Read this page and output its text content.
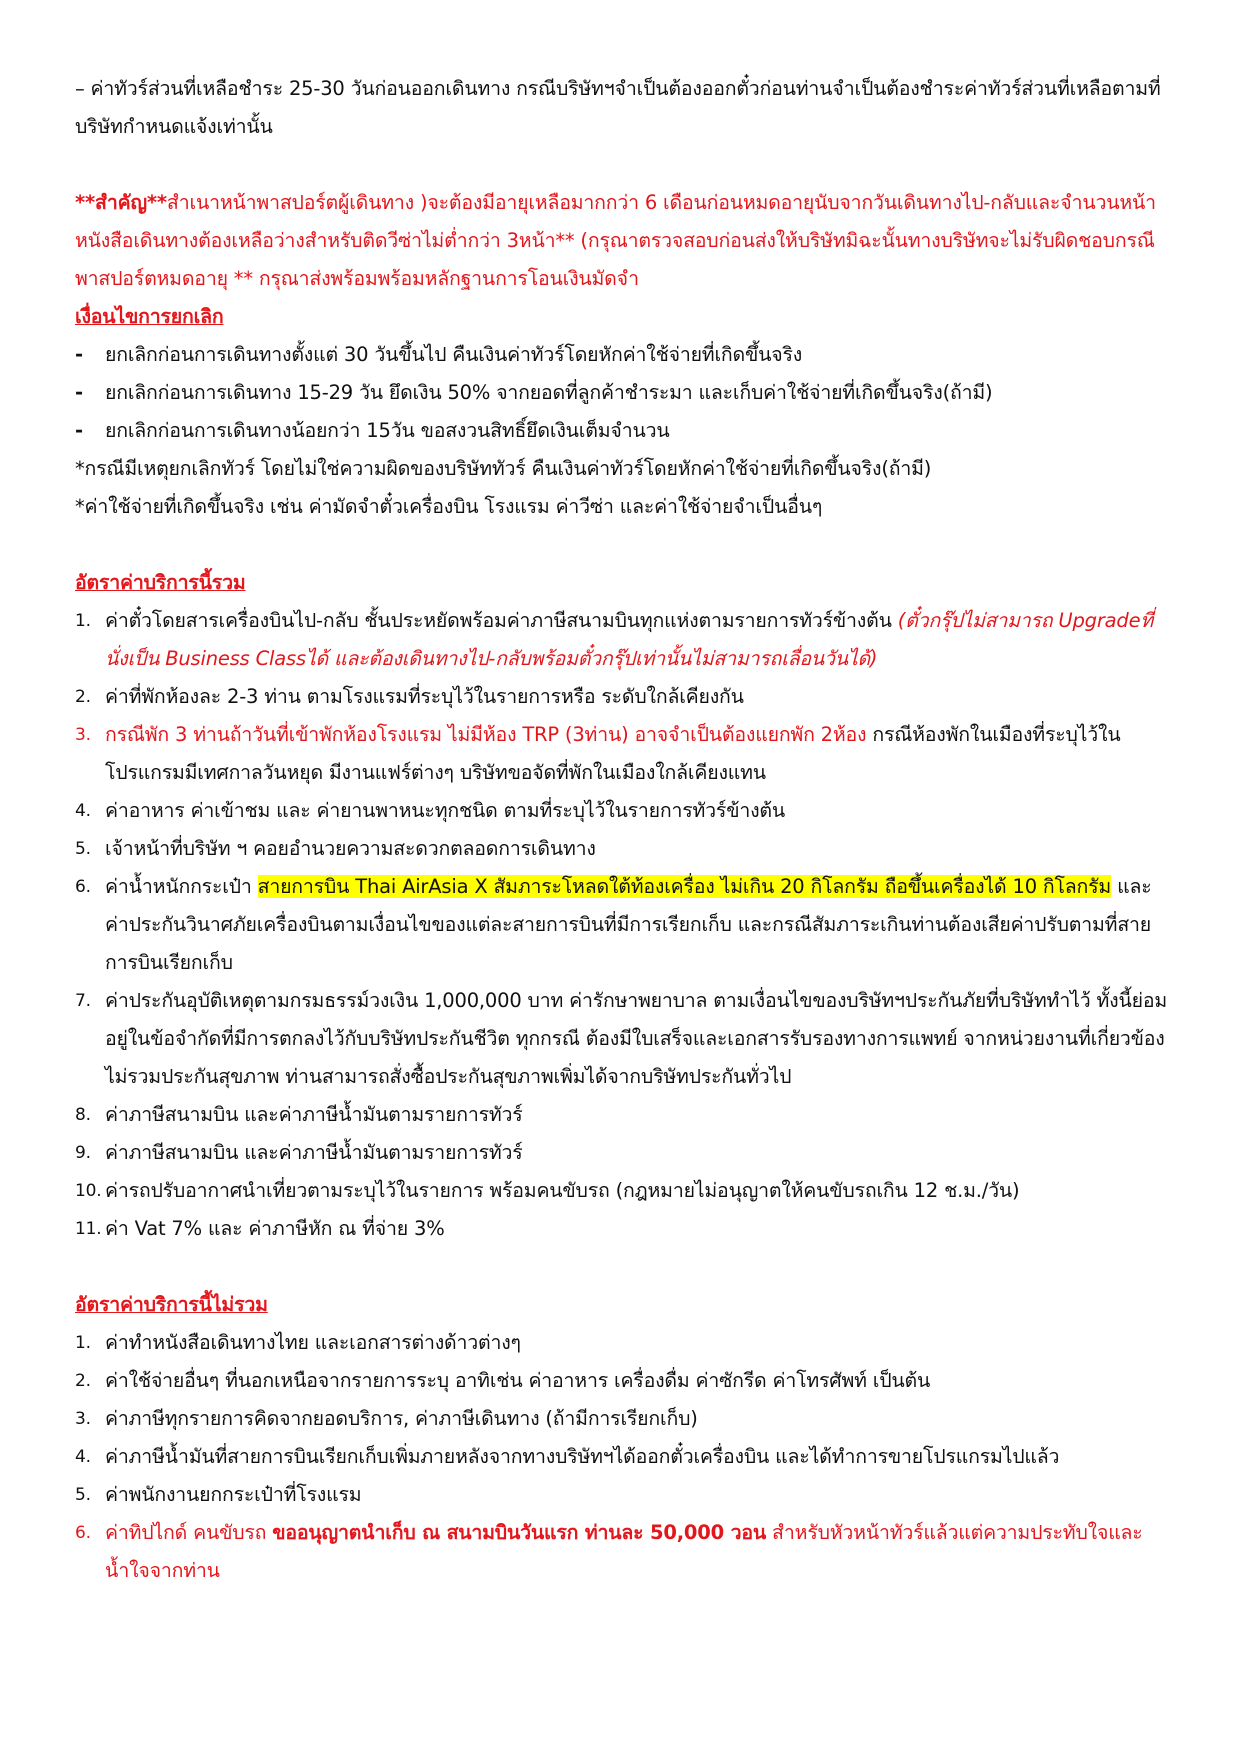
– ค่าทัวร์ส่วนที่เหลือชำระ 25-30 วันก่อนออกเดินทาง กรณีบริษัทฯจำเป็นต้องออกตั๋วก่อนท่านจำเป็นต้องชำระค่าทัวร์ส่วนที่เหลือตามที่บริษัทกำหนดแจ้งเท่านั้น

**สำคัญ**สำเนาหน้าพาสปอร์ตผู้เดินทาง )จะต้องมีอายุเหลือมากกว่า 6 เดือนก่อนหมดอายุนับจากวันเดินทางไป-กลับและจำนวนหน้าหนังสือเดินทางต้องเหลือว่างสำหรับติดวีซ่าไม่ต่ำกว่า 3หน้า** (กรุณาตรวจสอบก่อนส่งให้บริษัทมิฉะนั้นทางบริษัทจะไม่รับผิดชอบกรณีพาสปอร์ตหมดอายุ ** กรุณาส่งพร้อมพร้อมหลักฐานการโอนเงินมัดจำ

เงื่อนไขการยกเลิก

- ยกเลิกก่อนการเดินทางตั้งแต่ 30 วันขึ้นไป คืนเงินค่าทัวร์โดยหักค่าใช้จ่ายที่เกิดขึ้นจริง
- ยกเลิกก่อนการเดินทาง 15-29 วัน ยึดเงิน 50% จากยอดที่ลูกค้าชำระมา และเก็บค่าใช้จ่ายที่เกิดขึ้นจริง(ถ้ามี)
- ยกเลิกก่อนการเดินทางน้อยกว่า 15วัน ขอสงวนสิทธิ์ยึดเงินเต็มจำนวน

*กรณีมีเหตุยกเลิกทัวร์ โดยไม่ใช่ความผิดของบริษัททัวร์ คืนเงินค่าทัวร์โดยหักค่าใช้จ่ายที่เกิดขึ้นจริง(ถ้ามี)

*ค่าใช้จ่ายที่เกิดขึ้นจริง เช่น ค่ามัดจำตั๋วเครื่องบิน โรงแรม ค่าวีซ่า และค่าใช้จ่ายจำเป็นอื่นๆ

อัตราค่าบริการนี้รวม

1. ค่าตั๋วโดยสารเครื่องบินไป-กลับ ชั้นประหยัดพร้อมค่าภาษีสนามบินทุกแห่งตามรายการทัวร์ข้างต้น (ตั๋วกรุ๊ปไม่สามารถ Upgradeที่นั่งเป็น Business Classได้ และต้องเดินทางไป-กลับพร้อมตั๋วกรุ๊ปเท่านั้นไม่สามารถเลื่อนวันได้)
2. ค่าที่พักห้องละ 2-3 ท่าน ตามโรงแรมที่ระบุไว้ในรายการหรือ ระดับใกล้เคียงกัน
3. กรณีพัก 3 ท่านถ้าวันที่เข้าพักห้องโรงแรม ไม่มีห้อง TRP (3ท่าน) อาจจำเป็นต้องแยกพัก 2ห้อง กรณีห้องพักในเมืองที่ระบุไว้ในโปรแกรมมีเทศกาลวันหยุด มีงานแฟร์ต่างๆ บริษัทขอจัดที่พักในเมืองใกล้เคียงแทน
4. ค่าอาหาร ค่าเข้าชม และ ค่ายานพาหนะทุกชนิด ตามที่ระบุไว้ในรายการทัวร์ข้างต้น
5. เจ้าหน้าที่บริษัท ฯ คอยอำนวยความสะดวกตลอดการเดินทาง
6. ค่าน้ำหนักกระเป๋า สายการบิน Thai AirAsia X สัมภาระโหลดใต้ท้องเครื่อง ไม่เกิน 20 กิโลกรัม ถือขึ้นเครื่องได้ 10 กิโลกรัม และค่าประกันวินาศภัยเครื่องบินตามเงื่อนไขของแต่ละสายการบินที่มีการเรียกเก็บ และกรณีสัมภาระเกินท่านต้องเสียค่าปรับตามที่สายการบินเรียกเก็บ
7. ค่าประกันอุบัติเหตุตามกรมธรรม์วงเงิน 1,000,000 บาท ค่ารักษาพยาบาล ตามเงื่อนไขของบริษัทฯประกันภัยที่บริษัททำไว้ ทั้งนี้ย่อมอยู่ในข้อจำกัดที่มีการตกลงไว้กับบริษัทประกันชีวิต ทุกกรณี ต้องมีใบเสร็จและเอกสารรับรองทางการแพทย์ จากหน่วยงานที่เกี่ยวข้อง ไม่รวมประกันสุขภาพ ท่านสามารถสั่งซื้อประกันสุขภาพเพิ่มได้จากบริษัทประกันทั่วไป
8. ค่าภาษีสนามบิน และค่าภาษีน้ำมันตามรายการทัวร์
9. ค่าภาษีสนามบิน และค่าภาษีน้ำมันตามรายการทัวร์
10. ค่ารถปรับอากาศนำเที่ยวตามระบุไว้ในรายการ พร้อมคนขับรถ (กฎหมายไม่อนุญาตให้คนขับรถเกิน 12 ช.ม./วัน)
11. ค่า Vat 7% และ ค่าภาษีหัก ณ ที่จ่าย 3%

อัตราค่าบริการนี้ไม่รวม

1. ค่าทำหนังสือเดินทางไทย และเอกสารต่างด้าวต่างๆ
2. ค่าใช้จ่ายอื่นๆ ที่นอกเหนือจากรายการระบุ อาทิเช่น ค่าอาหาร เครื่องดื่ม ค่าซักรีด ค่าโทรศัพท์ เป็นต้น
3. ค่าภาษีทุกรายการคิดจากยอดบริการ, ค่าภาษีเดินทาง (ถ้ามีการเรียกเก็บ)
4. ค่าภาษีน้ำมันที่สายการบินเรียกเก็บเพิ่มภายหลังจากทางบริษัทฯได้ออกตั๋วเครื่องบิน และได้ทำการขายโปรแกรมไปแล้ว
5. ค่าพนักงานยกกระเป๋าที่โรงแรม
6. ค่าทิปไกด์ คนขับรถ ขออนุญาตนำเก็บ ณ สนามบินวันแรก ท่านละ 50,000 วอน สำหรับหัวหน้าทัวร์แล้วแต่ความประทับใจและน้ำใจจากท่าน
